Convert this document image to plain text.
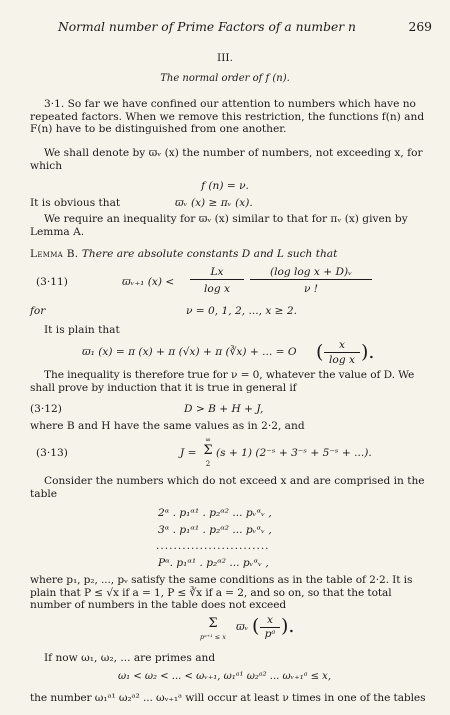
Normal number of Prime Factors of a number n	269
III.
The normal order of f (n).
3·1. So far we have confined our attention to numbers which have no
repeated factors. When we remove this restriction, the functions f(n) and
F(n) have to be distinguished from one another.
We shall denote by ϖᵥ (x) the number of numbers, not exceeding x, for
which
f (n) = ν.
It is obvious that	ϖᵥ (x) ≥ πᵥ (x).
We require an inequality for ϖᵥ (x) similar to that for πᵥ (x) given by
Lemma A.
Lemma B. There are absolute constants D and L such that
(3·11)	ϖᵥ₊₁ (x) <
Lx
log x
(log log x + D)ᵥ
ν !
for	ν = 0, 1, 2, ..., x ≥ 2.
It is plain that
ϖ₁ (x) = π (x) + π (√x) + π (∛x) + ... = O (	x
log x ).
The inequality is therefore true for ν = 0, whatever the value of D. We
shall prove by induction that it is true in general if
(3·12)	D > B + H + J,
where B and H have the same values as in 2·2, and
(3·13)	J =
∞
Σ
2
(s + 1) (2⁻ˢ + 3⁻ˢ + 5⁻ˢ + ...).
Consider the numbers which do not exceed x and are comprised in the
table
2ᵅ . p₁ᵅ¹ . p₂ᵅ² ... pᵥᵅᵥ ,
3ᵅ . p₁ᵅ¹ . p₂ᵅ² ... pᵥᵅᵥ ,
..........................
Pᵅ. p₁ᵅ¹ . p₂ᵅ² ... pᵥᵅᵥ ,
where p₁, p₂, ..., pᵥ satisfy the same conditions as in the table of 2·2. It is
plain that P ≤ √x if a = 1, P ≤ ∛x if a = 2, and so on, so that the total
number of numbers in the table does not exceed
Σ
pᵃ⁺¹ ≤ x
ϖᵥ ( x
pᵃ ).
If now ω₁, ω₂, ... are primes and
ω₁ < ω₂ < ... < ωᵥ₊₁, ω₁ᵃ¹ ω₂ᵃ² ... ωᵥ₊₁ᵃ ≤ x,
the number ω₁ᵃ¹ ω₂ᵃ² ... ωᵥ₊₁ᵃ will occur at least ν times in one of the tables
